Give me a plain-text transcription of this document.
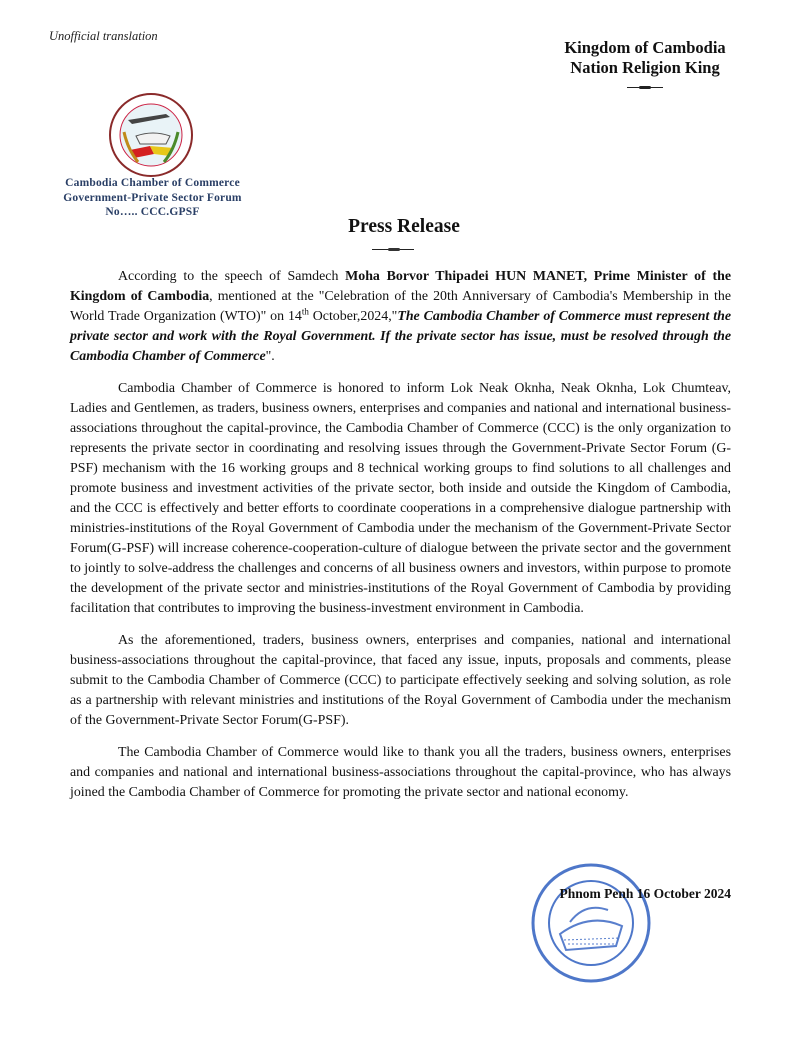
Unofficial translation
Kingdom of Cambodia
Nation Religion King
Cambodia Chamber of Commerce
Government-Private Sector Forum
No….. CCC.GPSF
Press Release

According to the speech of Samdech Moha Borvor Thipadei HUN MANET, Prime Minister of the Kingdom of Cambodia, mentioned at the "Celebration of the 20th Anniversary of Cambodia's Membership in the World Trade Organization (WTO)" on 14th October,2024,"The Cambodia Chamber of Commerce must represent the private sector and work with the Royal Government. If the private sector has issue, must be resolved through the Cambodia Chamber of Commerce".

Cambodia Chamber of Commerce is honored to inform Lok Neak Oknha, Neak Oknha, Lok Chumteav, Ladies and Gentlemen, as traders, business owners, enterprises and companies and national and international business-associations throughout the capital-province, the Cambodia Chamber of Commerce (CCC) is the only organization to represents the private sector in coordinating and resolving issues through the Government-Private Sector Forum (G-PSF) mechanism with the 16 working groups and 8 technical working groups to find solutions to all challenges and promote business and investment activities of the private sector, both inside and outside the Kingdom of Cambodia, and the CCC is effectively and better efforts to coordinate cooperations in a comprehensive dialogue partnership with ministries-institutions of the Royal Government of Cambodia under the mechanism of the Government-Private Sector Forum(G-PSF) will increase coherence-cooperation-culture of dialogue between the private sector and the government to jointly to solve-address the challenges and concerns of all business owners and investors, within purpose to promote the development of the private sector and ministries-institutions of the Royal Government of Cambodia by providing facilitation that contributes to improving the business-investment environment in Cambodia.

As the aforementioned, traders, business owners, enterprises and companies, national and international business-associations throughout the capital-province, that faced any issue, inputs, proposals and comments, please submit to the Cambodia Chamber of Commerce (CCC) to participate effectively seeking and solving solution, as role as a partnership with relevant ministries and institutions of the Royal Government of Cambodia under the mechanism of the Government-Private Sector Forum(G-PSF).

The Cambodia Chamber of Commerce would like to thank you all the traders, business owners, enterprises and companies and national and international business-associations throughout the capital-province, who has always joined the Cambodia Chamber of Commerce for promoting the private sector and national economy.

Phnom Penh 16 October 2024
